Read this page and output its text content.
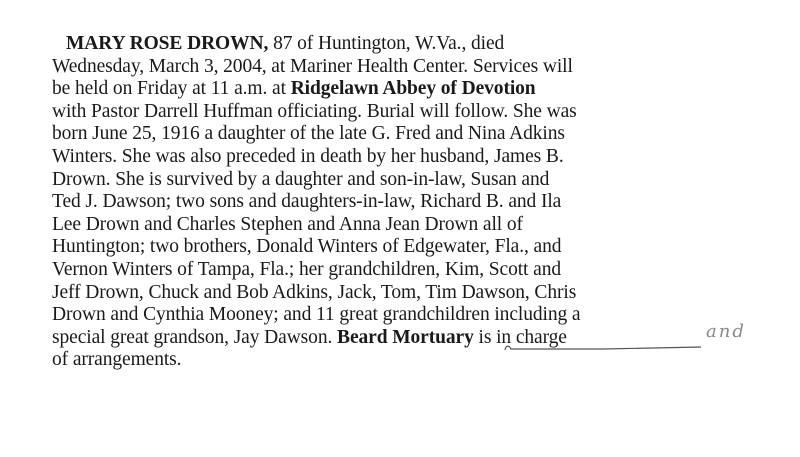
MARY ROSE DROWN, 87 of Huntington, W.Va., died
Wednesday, March 3, 2004, at Mariner Health Center. Services will
be held on Friday at 11 a.m. at Ridgelawn Abbey of Devotion
with Pastor Darrell Huffman officiating. Burial will follow. She was
born June 25, 1916 a daughter of the late G. Fred and Nina Adkins
Winters. She was also preceded in death by her husband, James B.
Drown. She is survived by a daughter and son-in-law, Susan and
Ted J. Dawson; two sons and daughters-in-law, Richard B. and Ila
Lee Drown and Charles Stephen and Anna Jean Drown all of
Huntington; two brothers, Donald Winters of Edgewater, Fla., and
Vernon Winters of Tampa, Fla.; her grandchildren, Kim, Scott and
Jeff Drown, Chuck and Bob Adkins, Jack, Tom, Tim Dawson, Chris
Drown and Cynthia Mooney; and 11 great grandchildren including a
special great grandson, Jay Dawson. Beard Mortuary is in charge
of arrangements.
and
